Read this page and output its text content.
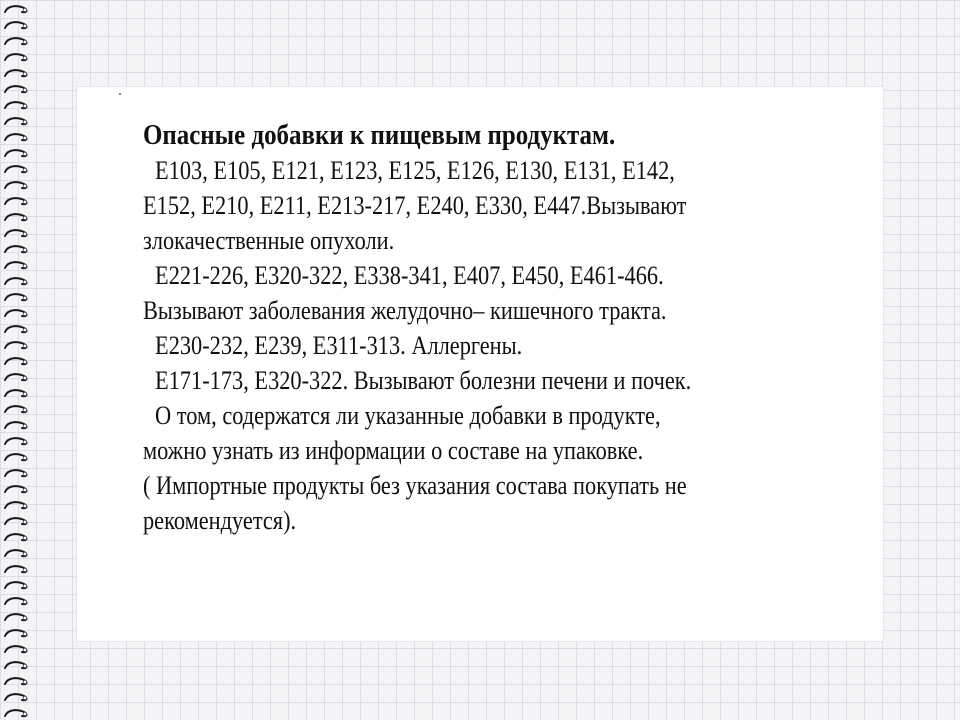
Опасные добавки к пищевым продуктам.

E103, E105, E121, E123, E125, E126, E130, E131, E142,

E152, E210, E211, E213-217, E240, E330, E447.Вызывают

злокачественные опухоли.

E221-226, E320-322, E338-341, E407, E450, E461-466.

Вызывают заболевания желудочно– кишечного тракта.

E230-232, E239, E311-313. Аллергены.

E171-173, E320-322. Вызывают болезни печени и почек.

О том, содержатся ли указанные добавки в продукте,

можно узнать из информации о составе на упаковке.

( Импортные продукты без указания состава покупать не

рекомендуется).
